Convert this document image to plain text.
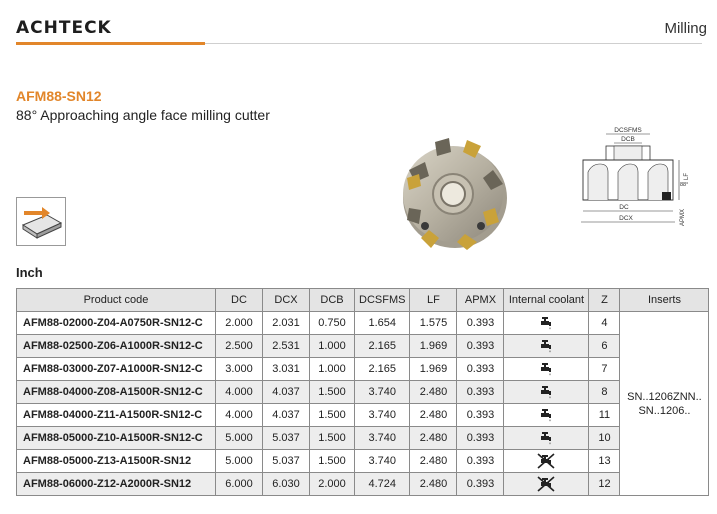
ACHTECK	Milling
AFM88-SN12
88° Approaching angle face milling cutter
DCSFMS
DCB
DC
DCX
LF
APMX
88°
Inch
Product code	DC	DCX	DCB	DCSFMS	LF	APMX	Internal coolant	Z	Inserts
AFM88-02000-Z04-A0750R-SN12-C	2.000	2.031	0.750	1.654	1.575	0.393		4	SN..1206ZNN..
SN..1206..

AFM88-02500-Z06-A1000R-SN12-C	2.500	2.531	1.000	2.165	1.969	0.393		6	
AFM88-03000-Z07-A1000R-SN12-C	3.000	3.031	1.000	2.165	1.969	0.393		7	
AFM88-04000-Z08-A1500R-SN12-C	4.000	4.037	1.500	3.740	2.480	0.393		8	
AFM88-04000-Z11-A1500R-SN12-C	4.000	4.037	1.500	3.740	2.480	0.393		11	
AFM88-05000-Z10-A1500R-SN12-C	5.000	5.037	1.500	3.740	2.480	0.393		10	
AFM88-05000-Z13-A1500R-SN12	5.000	5.037	1.500	3.740	2.480	0.393		13	
AFM88-06000-Z12-A2000R-SN12	6.000	6.030	2.000	4.724	2.480	0.393		12	
